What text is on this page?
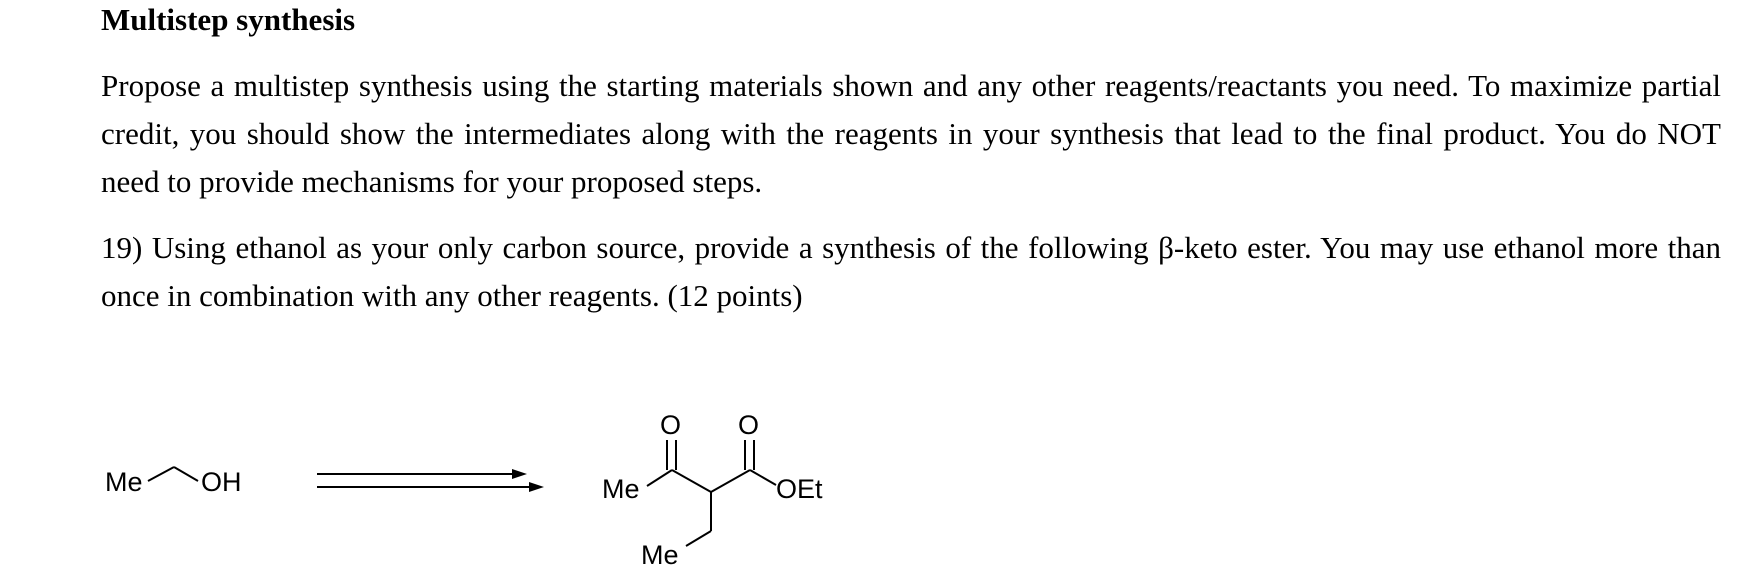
Multistep synthesis
Propose a multistep synthesis using the starting materials shown and any other reagents/reactants you need. To maximize partial credit, you should show the intermediates along with the reagents in your synthesis that lead to the final product. You do NOT need to provide mechanisms for your proposed steps.
19) Using ethanol as your only carbon source, provide a synthesis of the following β-keto ester. You may use ethanol more than once in combination with any other reagents. (12 points)
Me OH	Me
O O
OEt
Me
